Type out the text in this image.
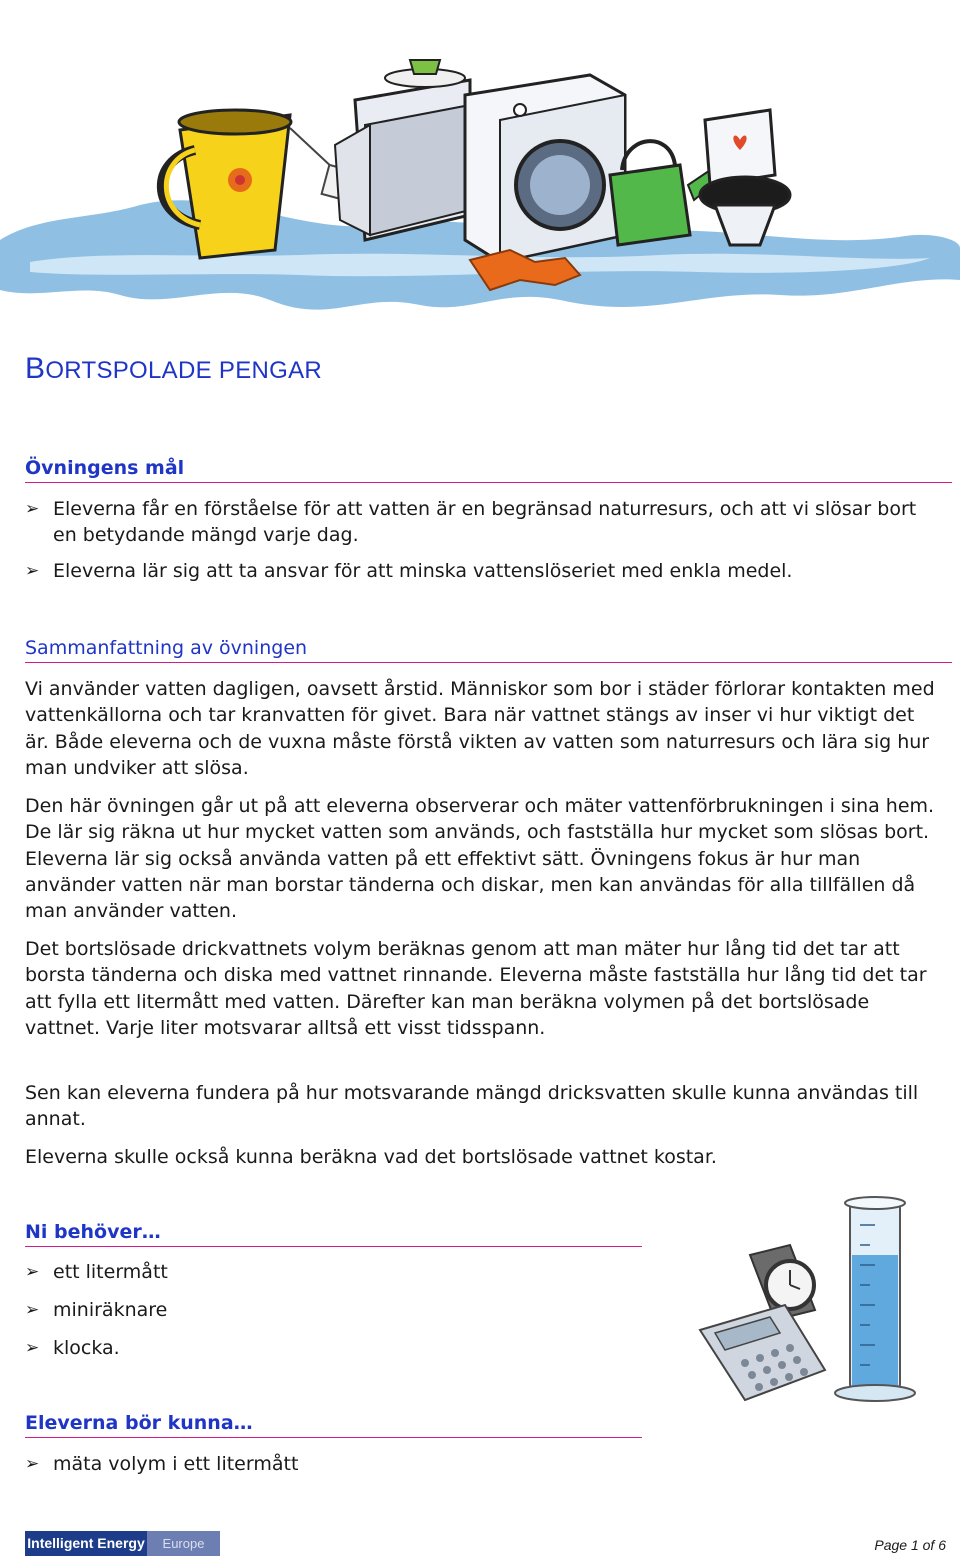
BORTSPOLADE PENGAR
Övningens mål
➢ Eleverna får en förståelse för att vatten är en begränsad naturresurs, och att vi slösar bort en betydande mängd varje dag.
➢ Eleverna lär sig att ta ansvar för att minska vattenslöseriet med enkla medel.
Sammanfattning av övningen

Vi använder vatten dagligen, oavsett årstid. Människor som bor i städer förlorar kontakten med vattenkällorna och tar kranvatten för givet. Bara när vattnet stängs av inser vi hur viktigt det är. Både eleverna och de vuxna måste förstå vikten av vatten som naturresurs och lära sig hur man undviker att slösa.

Den här övningen går ut på att eleverna observerar och mäter vattenförbrukningen i sina hem. De lär sig räkna ut hur mycket vatten som används, och fastställa hur mycket som slösas bort. Eleverna lär sig också använda vatten på ett effektivt sätt. Övningens fokus är hur man använder vatten när man borstar tänderna och diskar, men kan användas för alla tillfällen då man använder vatten.

Det bortslösade drickvattnets volym beräknas genom att man mäter hur lång tid det tar att borsta tänderna och diska med vattnet rinnande. Eleverna måste fastställa hur lång tid det tar att fylla ett litermått med vatten. Därefter kan man beräkna volymen på det bortslösade vattnet. Varje liter motsvarar alltså ett visst tidsspann.

Sen kan eleverna fundera på hur motsvarande mängd dricksvatten skulle kunna användas till annat.

Eleverna skulle också kunna beräkna vad det bortslösade vattnet kostar.

Ni behöver…
➢ ett litermått
➢ miniräknare
➢ klocka.
Eleverna bör kunna…
➢ mäta volym i ett litermått
Intelligent Energy	Europe	Page 1 of 6
